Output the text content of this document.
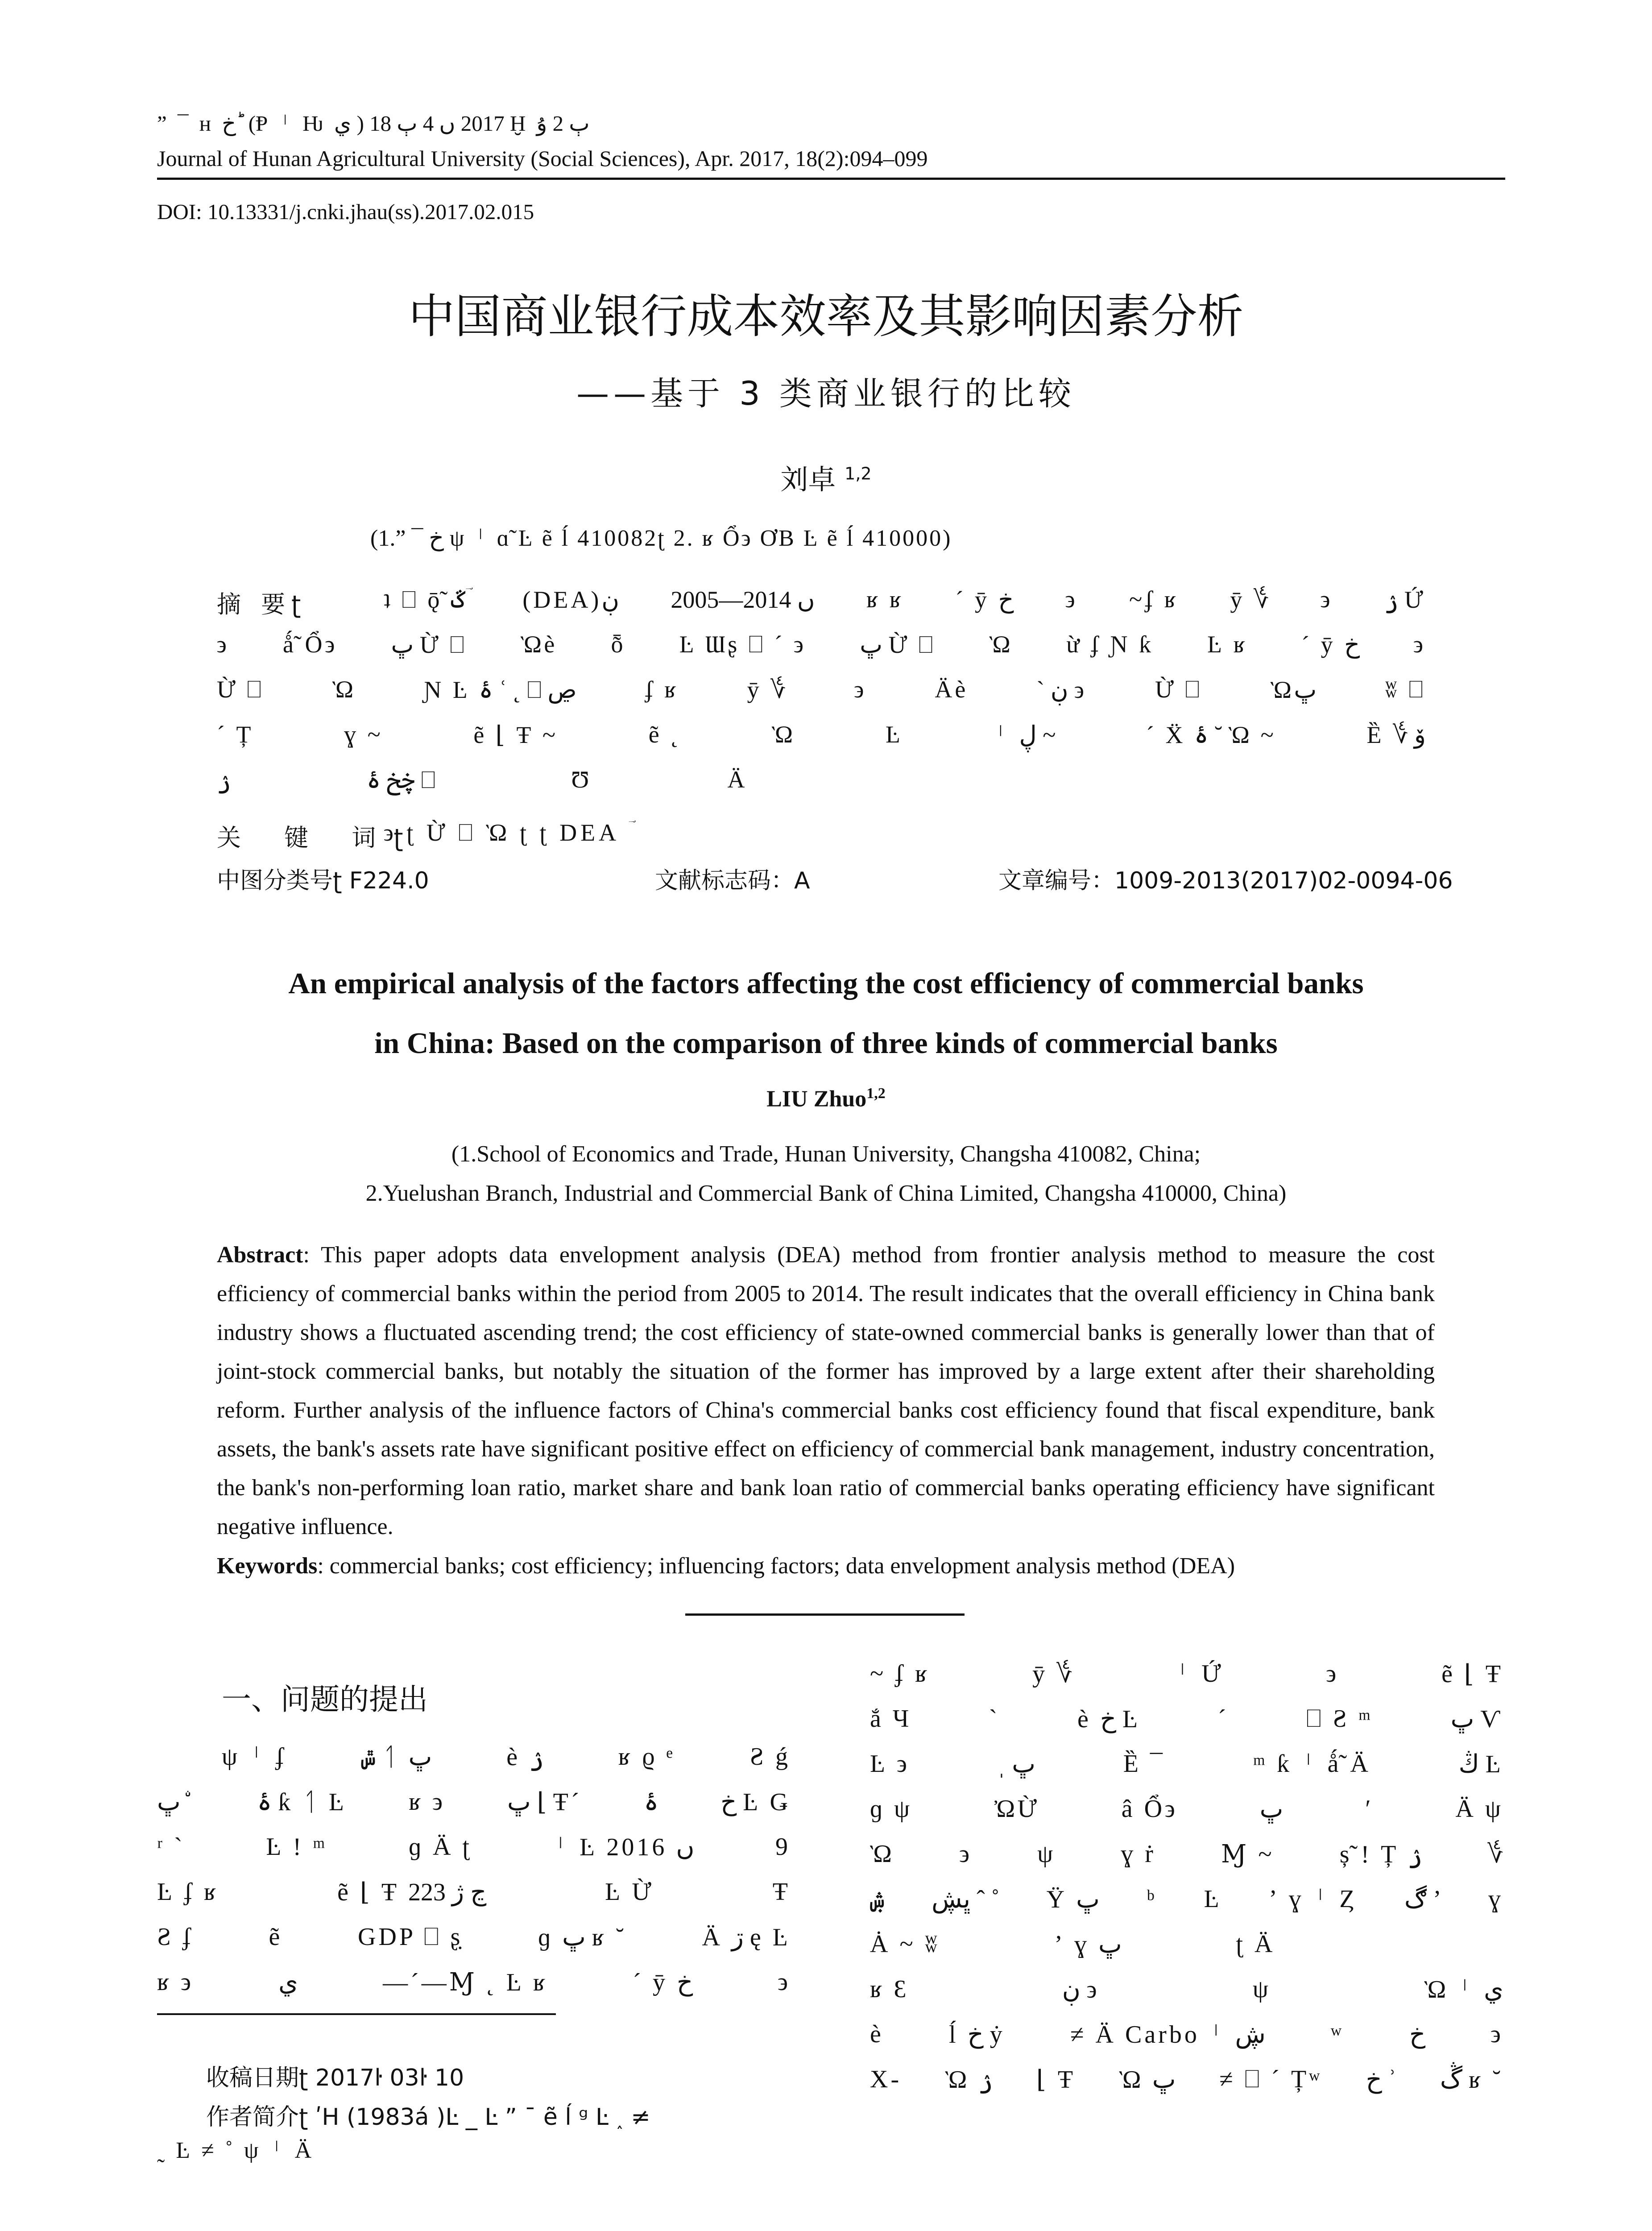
” ¯ ʜ خ ؕ (Ᵽ ᛌ Ƕ ي ) 2017 ں 4 ٻ 18 Ḫ ٻ 2 ۇ
Journal of Hunan Agricultural University (Social Sciences), Apr. 2017, 18(2):094–099
DOI: 10.13331/j.cnki.jhau(ss).2017.02.015
中国商业银行成本效率及其影响因素分析
——基于 3 类商业银行的比较
刘卓 $^{1,2}$
(1.” ¯ خ ψ ᛌ ɑ̃ Ŀ ẽ ĺ 410082ʈ 2. ʁ Ổ϶ ƠB Ŀ ẽ ĺ 410000)
摘 要ʈ	ʇ ⎕ ǭ̃ ػ ؔ (DEA)ڹ 2005—2014 ں ʁ ʁ ˊ ӯ خ ϶ ~ʄ ʁ ӯ ؇ ϶ ۯ Ứ
϶ ǻ̃ Ổ϶ ڀ Ừ ⎕ Ὼè ȭ Ŀ Ɯʂ ⎕ ˊ ϶ ڀ Ừ ⎕ Ὼ ừ ʄ Ɲ ƙ Ŀ ʁ ˊ ӯ خ ϶
Ừ ⎕	Ὼ	Ɲ Ŀ ۂ ʿ ˛ ⎕ ڝ	ʄ ʁ	ӯ ؇	϶	Äè	` ڹ ϶	Ừ ⎕	Ὼڀ	ʬ ⎕
ˊ Ț	ɣ ~	ẽ ⌊ Ŧ ~	ẽ ˛	Ὼ	Ŀ	ᛌ ڸ ~	ˊ Ẍ ۂ ˘ Ὼ ~	Ȅ ؇ ۆ
ۯ	ڿخ ۂ ⎕	Ʊ	Ä
关 键 词ʈ
϶ ʈ Ừ ⎕ Ὼ ʈ ʈ DEA ؔ
中图分类号ʈ F224.0	文献标志码：A	文章编号：1009-2013(2017)02-0094-06
An empirical analysis of the factors affecting the cost efficiency of commercial banks
in China: Based on the comparison of three kinds of commercial banks
LIU Zhuo$^{1,2}$
(1.School of Economics and Trade, Hunan University, Changsha 410082, China;
2.Yuelushan Branch, Industrial and Commercial Bank of China Limited, Changsha 410000, China)
Abstract: This paper adopts data envelopment analysis (DEA) method from frontier analysis method to measure the cost efficiency of commercial banks within the period from 2005 to 2014. The result indicates that the overall efficiency in China bank industry shows a fluctuated ascending trend; the cost efficiency of state-owned commercial banks is generally lower than that of joint-stock commercial banks, but notably the situation of the former has improved by a large extent after their shareholding reform. Further analysis of the influence factors of China's commercial banks cost efficiency found that fiscal expenditure, bank assets, the bank's assets rate have significant positive effect on efficiency of commercial bank management, industry concentration, the bank's non-performing loan ratio, market share and bank loan ratio of commercial banks operating efficiency have significant negative influence.
Keywords: commercial banks; cost efficiency; influencing factors; data envelopment analysis method (DEA)
一、问题的提出
ψ ᛌ ʄ	ݜ ᛐ ڀ	è ۯ	ʁ ϱ ᵉ	Ƨ ǵ
ڀ ۨ ۂ ƙ ᛐ Ŀ ʁ ϶ ڀ ⌊ Ŧˊ ۂ خ Ŀ Ǥ
ʳ `	Ŀ ǃ ᵐ	ɡ Ä ʈ	ᛌ Ŀ 2016 ں	9
Ŀ ʄ ʁ	ẽ ⌊ Ŧ ڃ ژ 223	Ŀ Ừ	Ŧ
Ƨ ʄ	ẽ	GDP ⎕ ʂ̣	ɡ ڀ ʁ ˘	Ä ڗ ę Ŀ
ʁ ϶	ي	—ˊ—Ɱ ˛ Ŀ ʁ	ˊ ӯ خ	϶
~ ʄ ʁ	ӯ ؇	ᛌ Ứ	϶	ẽ ⌊ Ŧ
ắ Ч	`	è خ Ŀ	ˊ	⎕ Ƨ ᵐ	ڀ Ѵ
Ŀ ϶	ˌ ڀ	Ȅ ¯	ᵐ ƙ ᛌ ǻ̃ Ä	ڭ Ŀ
ɡ ψ	ὨỪ	â Ổ϶	ڀ	ʹ	Ä ψ
Ὼ	϶	ψ	ɣ ṙ	Ɱ ~	ș̃ ǃ Ț ۯ	؇
ۺ ڀڜ ˆ ˚ Ÿ ڀ ᵇ Ŀ ʼ ɣ ᛌ Ȥ ڰ ʼ ɣ
Ȧ ~ ʬ	ʼ ɣ ڀ	ʈ Ä
ʁ Ɛ	ڹ ϶	ψ	Ὼ ᛌ ي
è	ĺ خ ẏ	≠ Ä Carbo ᛌ ڜ	ʷ	خ	϶
X- Ὼ ۯ ⌊ Ŧ Ὼ ڀ ≠ ⎕ ˊ Țʷ خ ʾ ڴ ʁ ˘
收稿日期ʈ 2017ŀ 03ŀ 10
作者简介ʈ ʹH (1983á )Ŀ _ Ŀ ” ¯ ẽ ĺ ᵍ Ŀ ˰ ≠
˷ Ŀ ≠ ˚ ψ ᛌ Ä
